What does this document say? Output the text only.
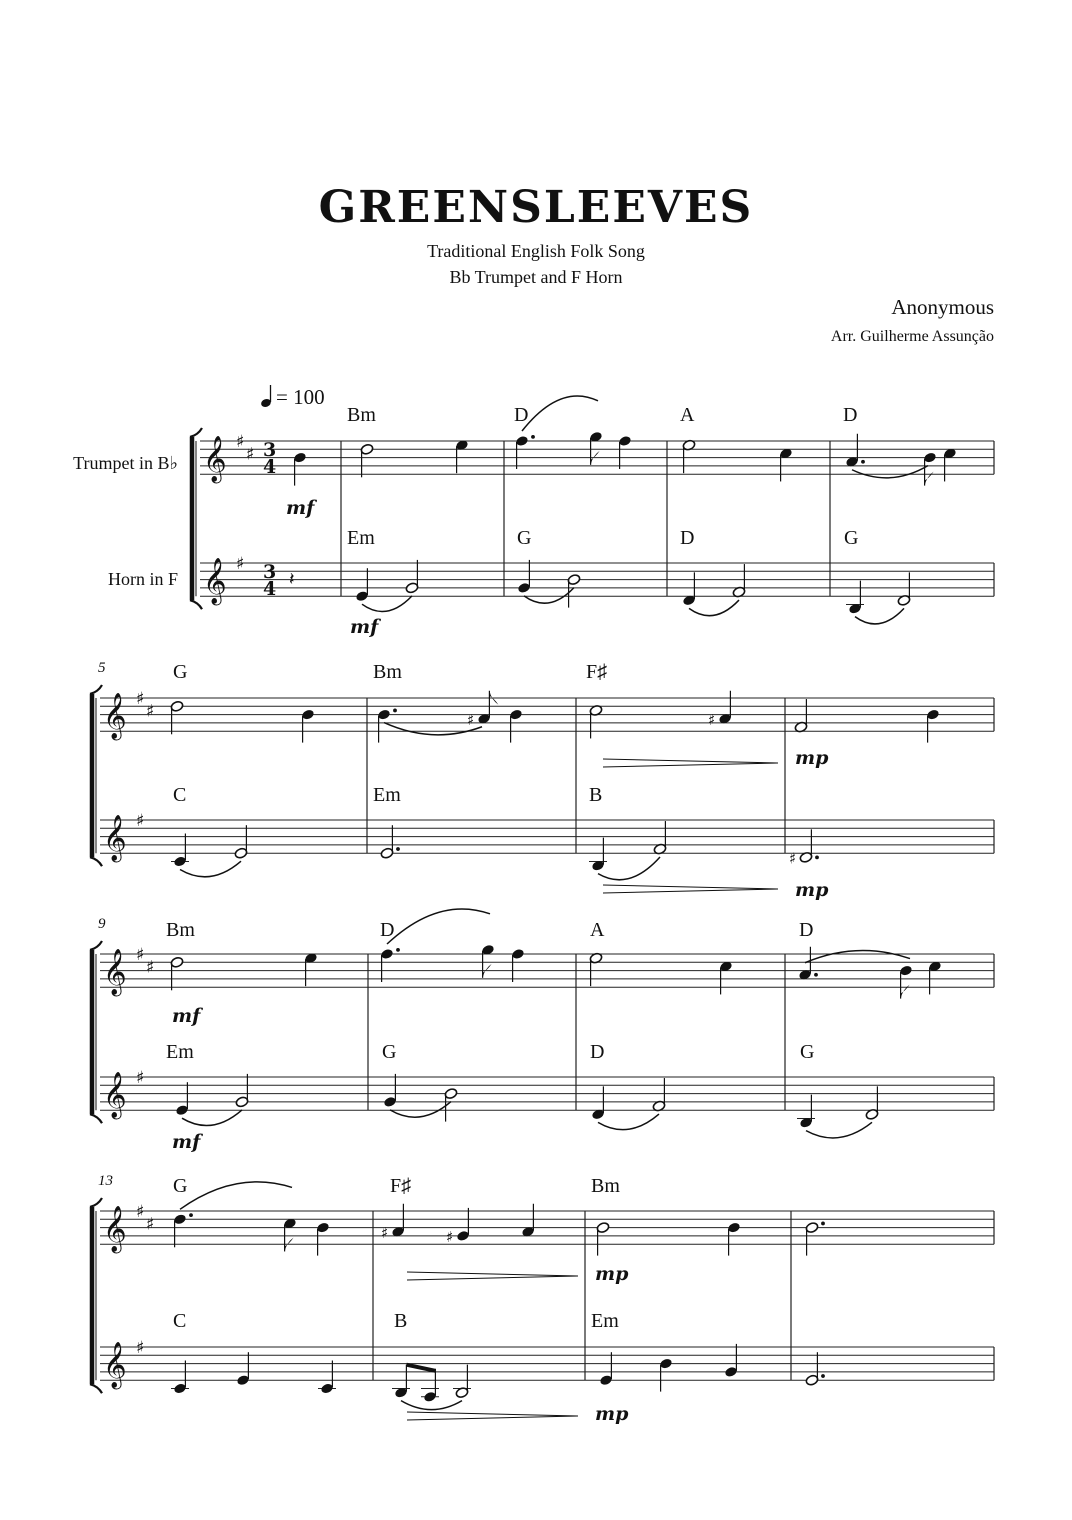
GREENSLEEVES
Traditional English Folk Song
Bb Trumpet and F Horn
Anonymous
Arr. Guilherme Assunção
= 100
Trumpet in B♭
Horn in F
Bm	D	A	D
Em	G	D	G
mf
mf
5	G	Bm	F♯
C	Em	B
mp
mp
9	Bm	D	A	D
Em	G	D	G
mf
mf
13	G	F♯	Bm
C	B	Em
mp
mp
𝄞 ♯
♯
𝄞 ♯
3
4
3
4 𝄽
𝄞 ♯
♯
𝄞 ♯
♯	♯
♯
𝄞 ♯
♯
𝄞 ♯
𝄞 ♯
♯
𝄞 ♯
♯	♯
